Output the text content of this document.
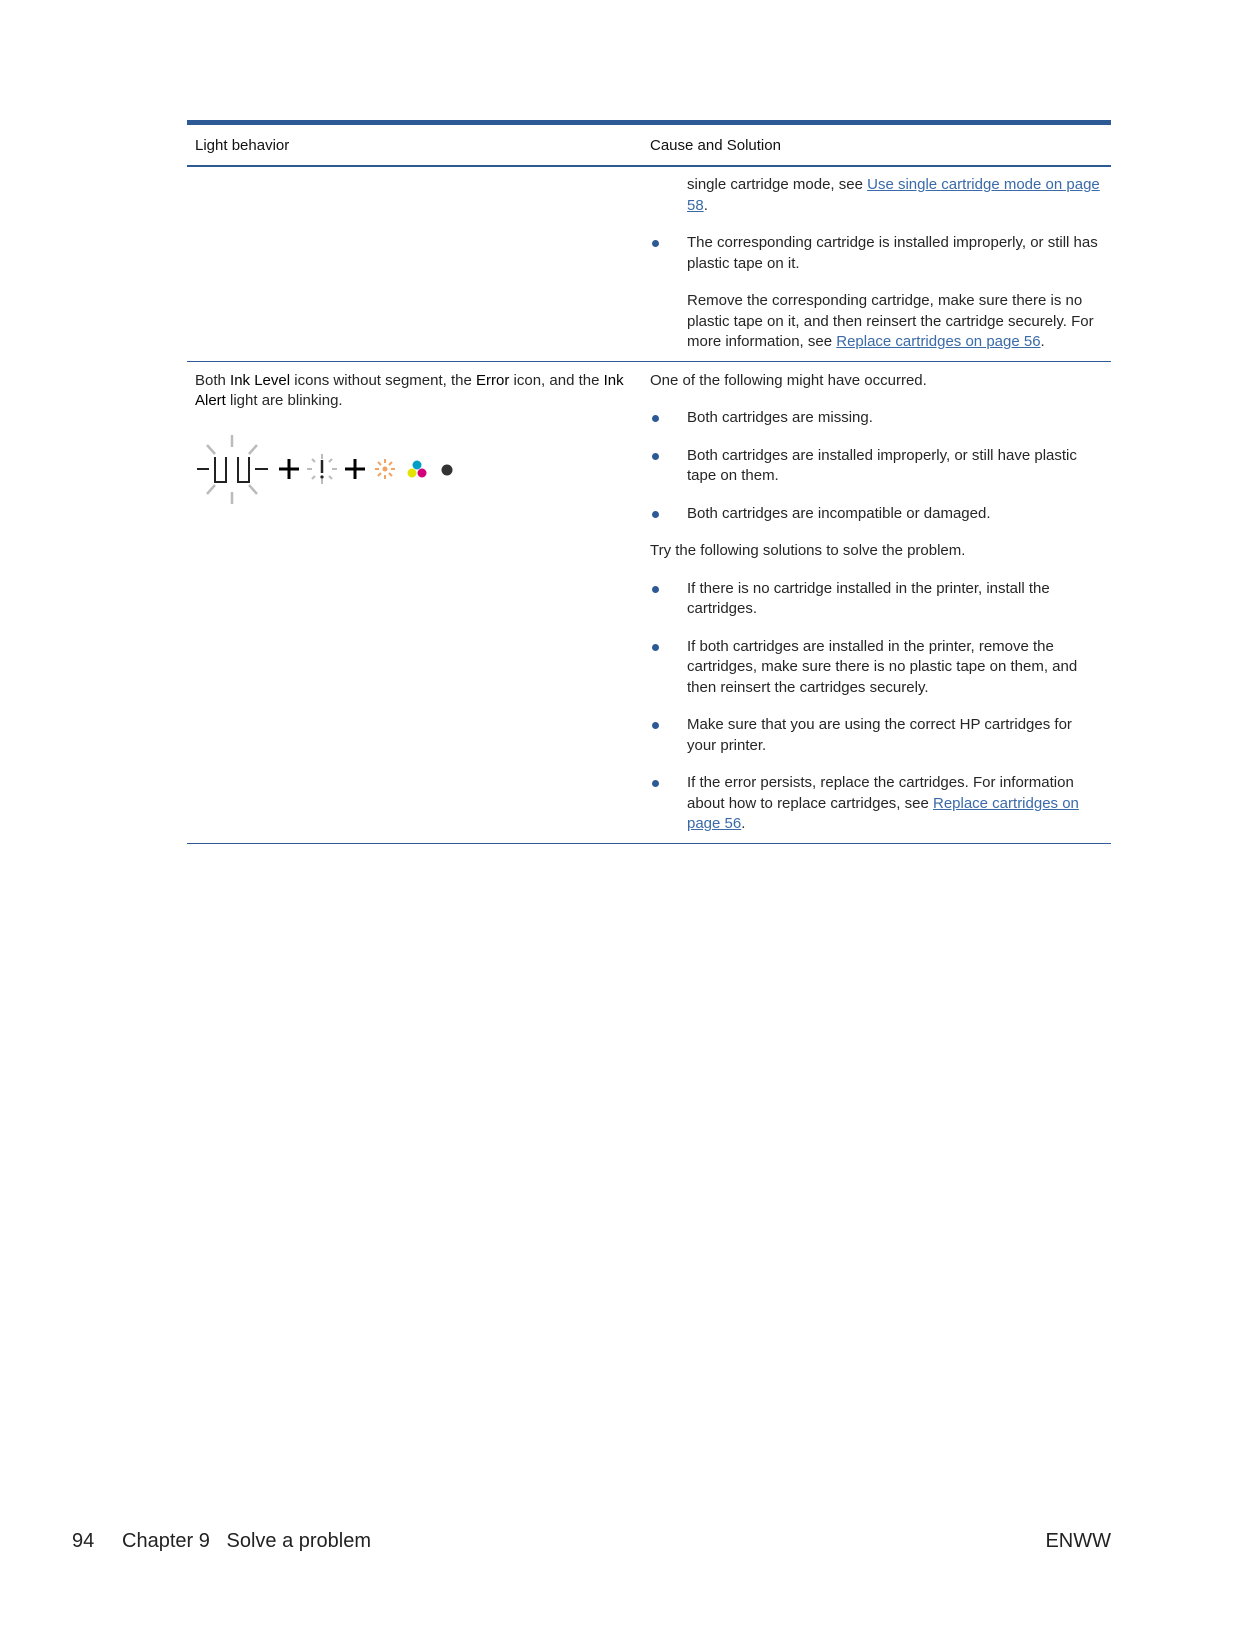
Light behavior	Cause and Solution

single cartridge mode, see Use single cartridge mode on page 58.

The corresponding cartridge is installed improperly, or still has plastic tape on it.

Remove the corresponding cartridge, make sure there is no plastic tape on it, and then reinsert the cartridge securely. For more information, see Replace cartridges on page 56.

Both Ink Level icons without segment, the Error icon, and the Ink Alert light are blinking.

One of the following might have occurred.

Both cartridges are missing.

Both cartridges are installed improperly, or still have plastic tape on them.

Both cartridges are incompatible or damaged.

Try the following solutions to solve the problem.

If there is no cartridge installed in the printer, install the cartridges.

If both cartridges are installed in the printer, remove the cartridges, make sure there is no plastic tape on them, and then reinsert the cartridges securely.

Make sure that you are using the correct HP cartridges for your printer.

If the error persists, replace the cartridges. For information about how to replace cartridges, see Replace cartridges on page 56.

94 Chapter 9   Solve a problem	ENWW
